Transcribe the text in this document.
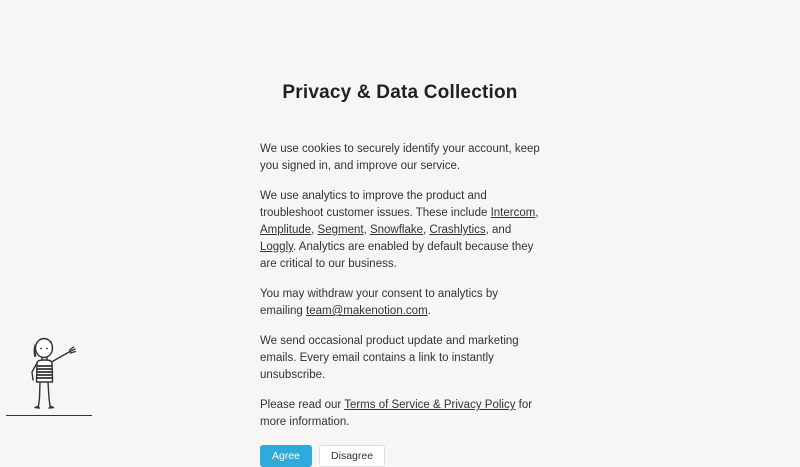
Privacy & Data Collection

We use cookies to securely identify your account, keep you signed in, and improve our service.

We use analytics to improve the product and troubleshoot customer issues. These include Intercom, Amplitude, Segment, Snowflake, Crashlytics, and Loggly. Analytics are enabled by default because they are critical to our business.

You may withdraw your consent to analytics by emailing team@makenotion.com.

We send occasional product update and marketing emails. Every email contains a link to instantly unsubscribe.

Please read our Terms of Service & Privacy Policy for more information.

Agree	Disagree
